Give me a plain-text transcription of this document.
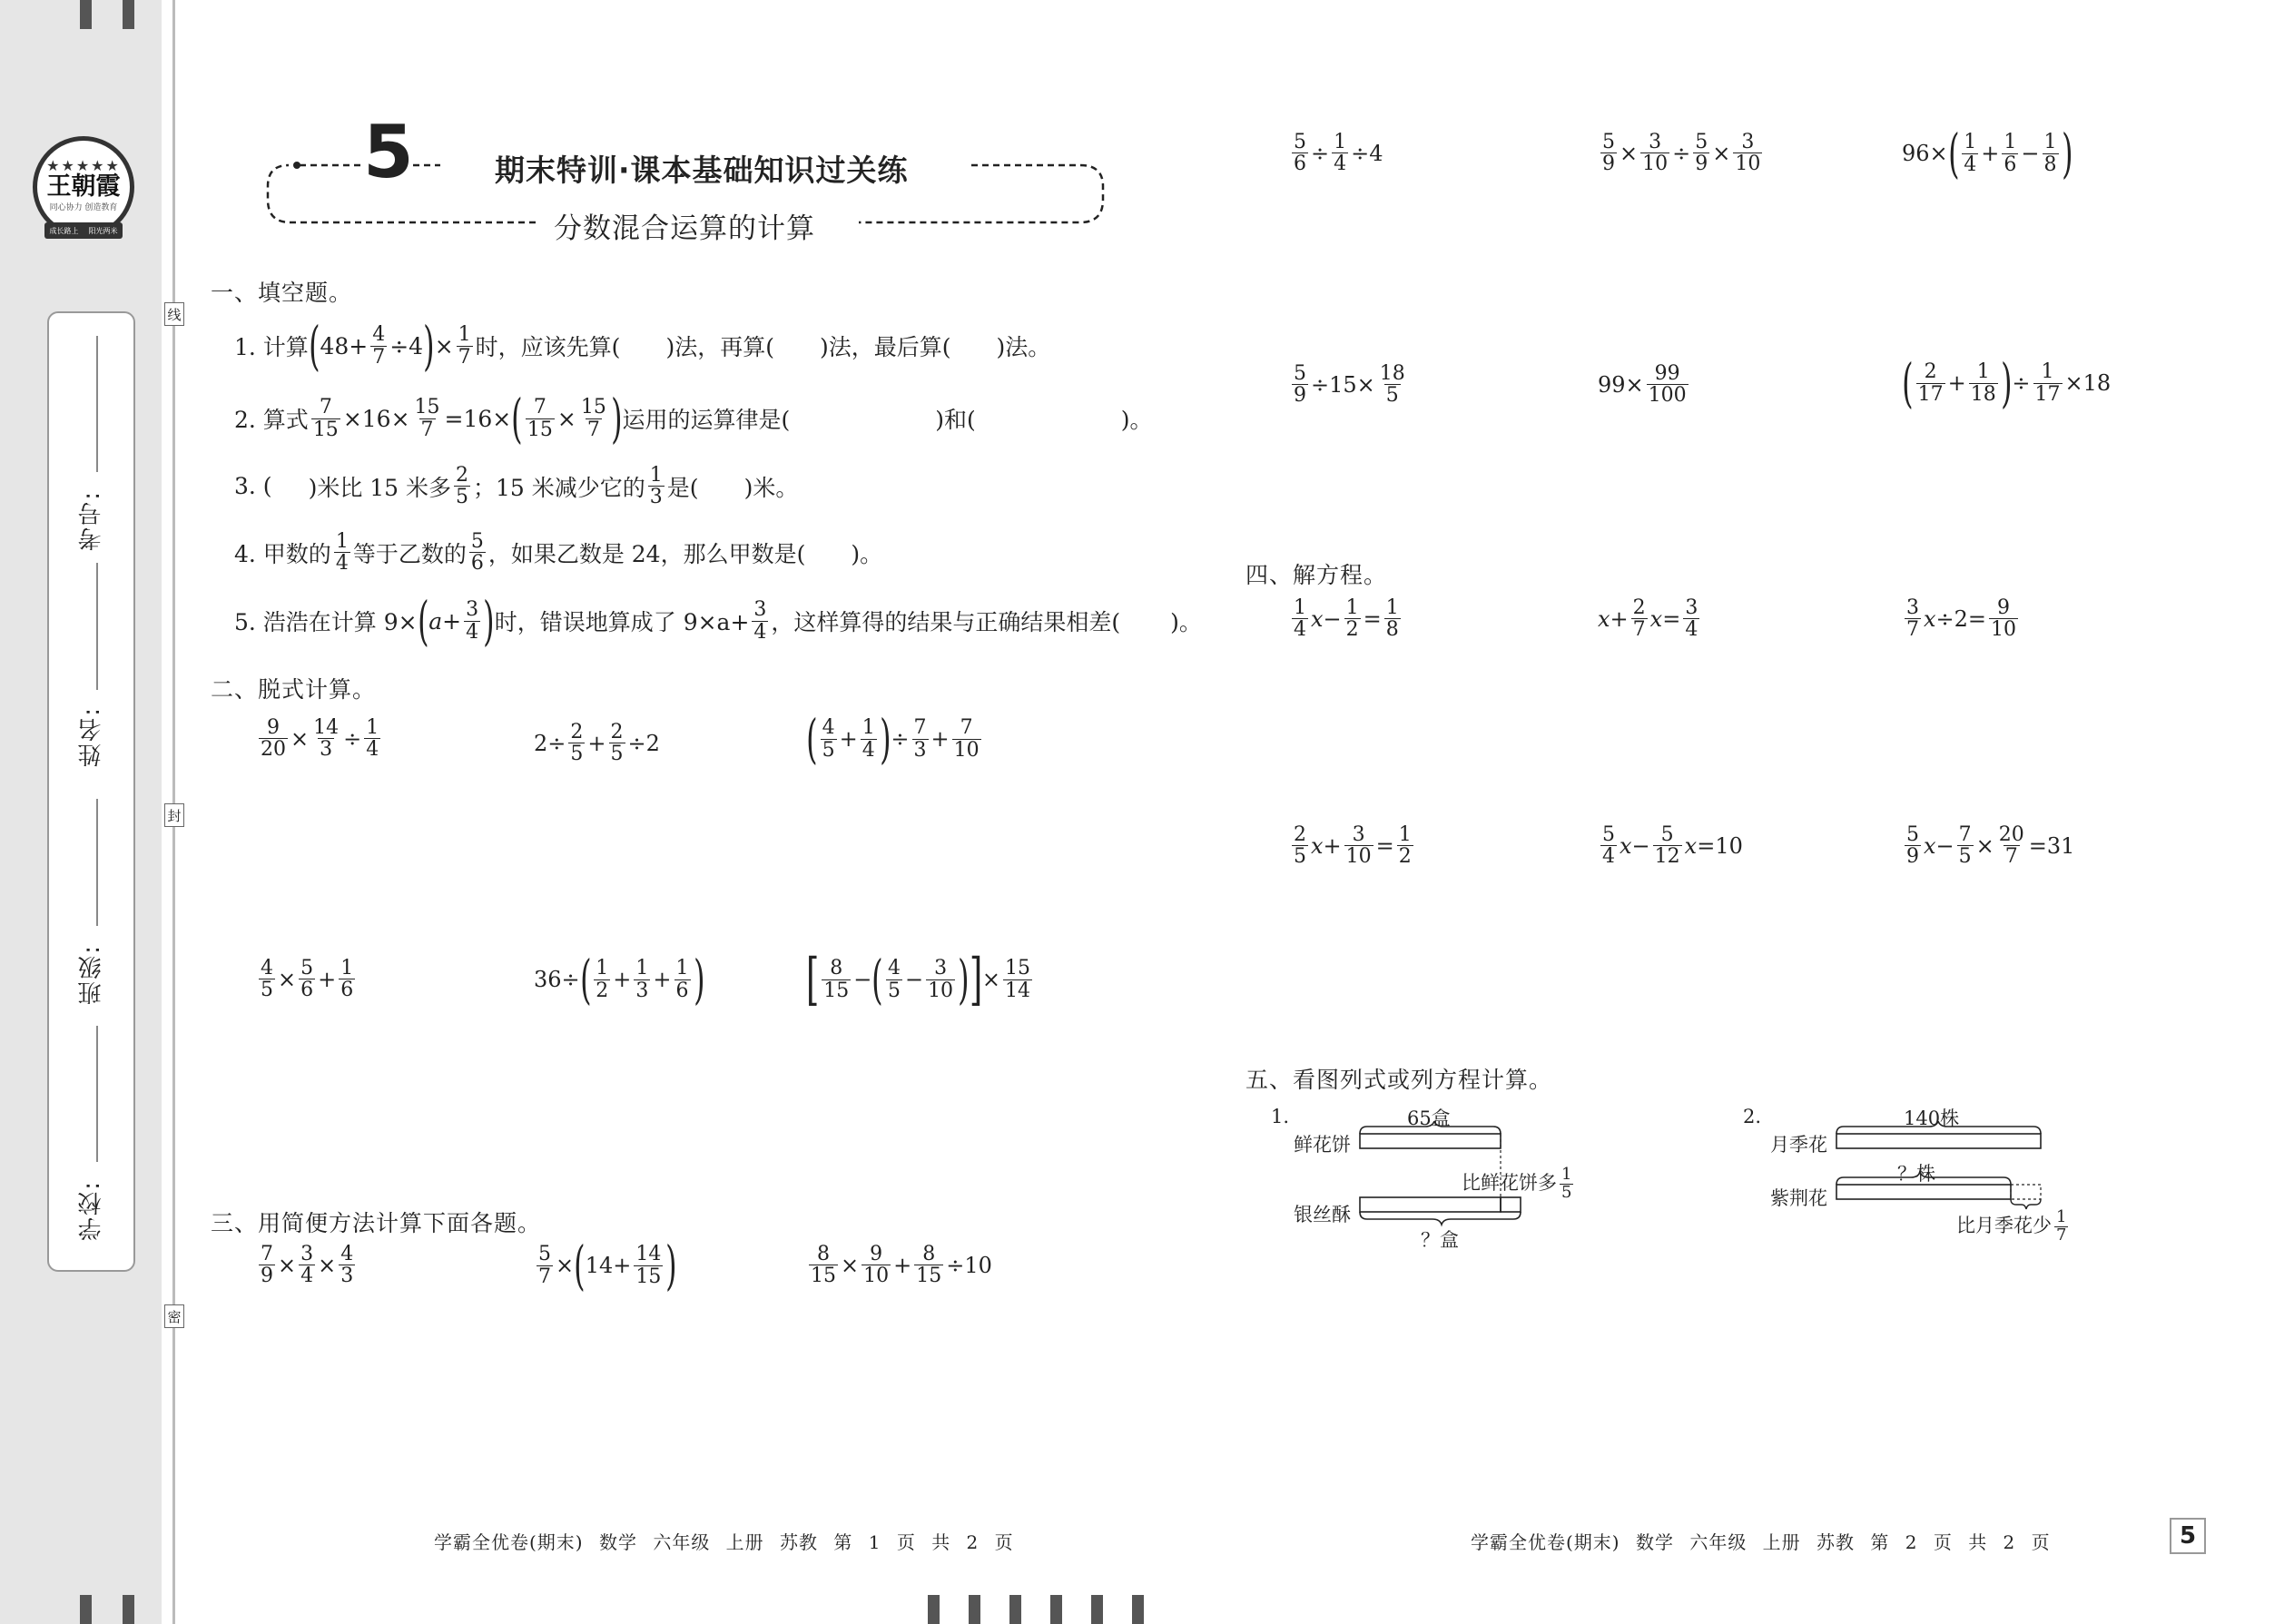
★★★★★
王朝霞
同心协力 创造教育
成长路上 阳光两米
考号:
姓名:
班级:
学校:
线
封
密
5	期末特训·课本基础知识过关练
分数混合运算的计算
一、填空题。
1. 计算 ( 48+ 4
7 ÷4 ) × 1
7 时，应该先算( )法，再算( )法，最后算( )法。
2. 算式 7
15 ×16× 15
7 =16× ( 7
15 × 15
7 ) 运用的运算律是(	)和(	)。
3. ( )米比 15 米多 2
5 ；15 米减少它的 1
3 是( )米。
4. 甲数的 1
4 等于乙数的 5
6 ，如果乙数是 24，那么甲数是( )。
5. 浩浩在计算 9× ( a + 3
4 ) 时，错误地算成了 $9\times a+ \frac{3}{4}$ ，这样算得的结果与正确结果相差( )。
二、脱式计算。
9
20 × 14
3 ÷ 1
4	2÷ 2
5 + 2
5 ÷2	( 4
5 + 1
4 ) ÷ 7
3 + 7
10
4
5 × 5
6 + 1
6	36÷ ( 1
2 + 1
3 + 1
6 ) [ 8
15 − ( 4
5 − 3
10 ) ] × 15
14
三、用简便方法计算下面各题。
7
9 × 3
4 × 4
3
5
7 × ( 14+ 14
15 )	8
15 × 9
10 + 8
15 ÷10
5
6 ÷ 1
4 ÷4	5
9 × 3
10 ÷ 5
9 × 3
10	96× ( 1
4 + 1
6 − 1
8 )
5
9 ÷15× 18
5	99× 99
100	( 2
17 + 1
18 ) ÷ 1
17 ×18
四、解方程。
1
4 x − 1
2 = 1
8	x + 2
7 x = 3
4
3
7 x ÷2= 9
10
2
5 x + 3
10 = 1
2
5
4 x − 5
12 x =10	5
9 x − 7
5 × 20
7 =31
五、看图列式或列方程计算。
1.	65盒
鲜花饼
银丝酥
？盒
比鲜花饼多 $\frac{1}{5}$
2.	140株
月季花
紫荆花
？株
比月季花少 $\frac{1}{7}$
学霸全优卷(期末) 数学 六年级 上册 苏教 第 1 页 共 2 页	学霸全优卷(期末) 数学 六年级 上册 苏教 第 2 页 共 2 页	5
